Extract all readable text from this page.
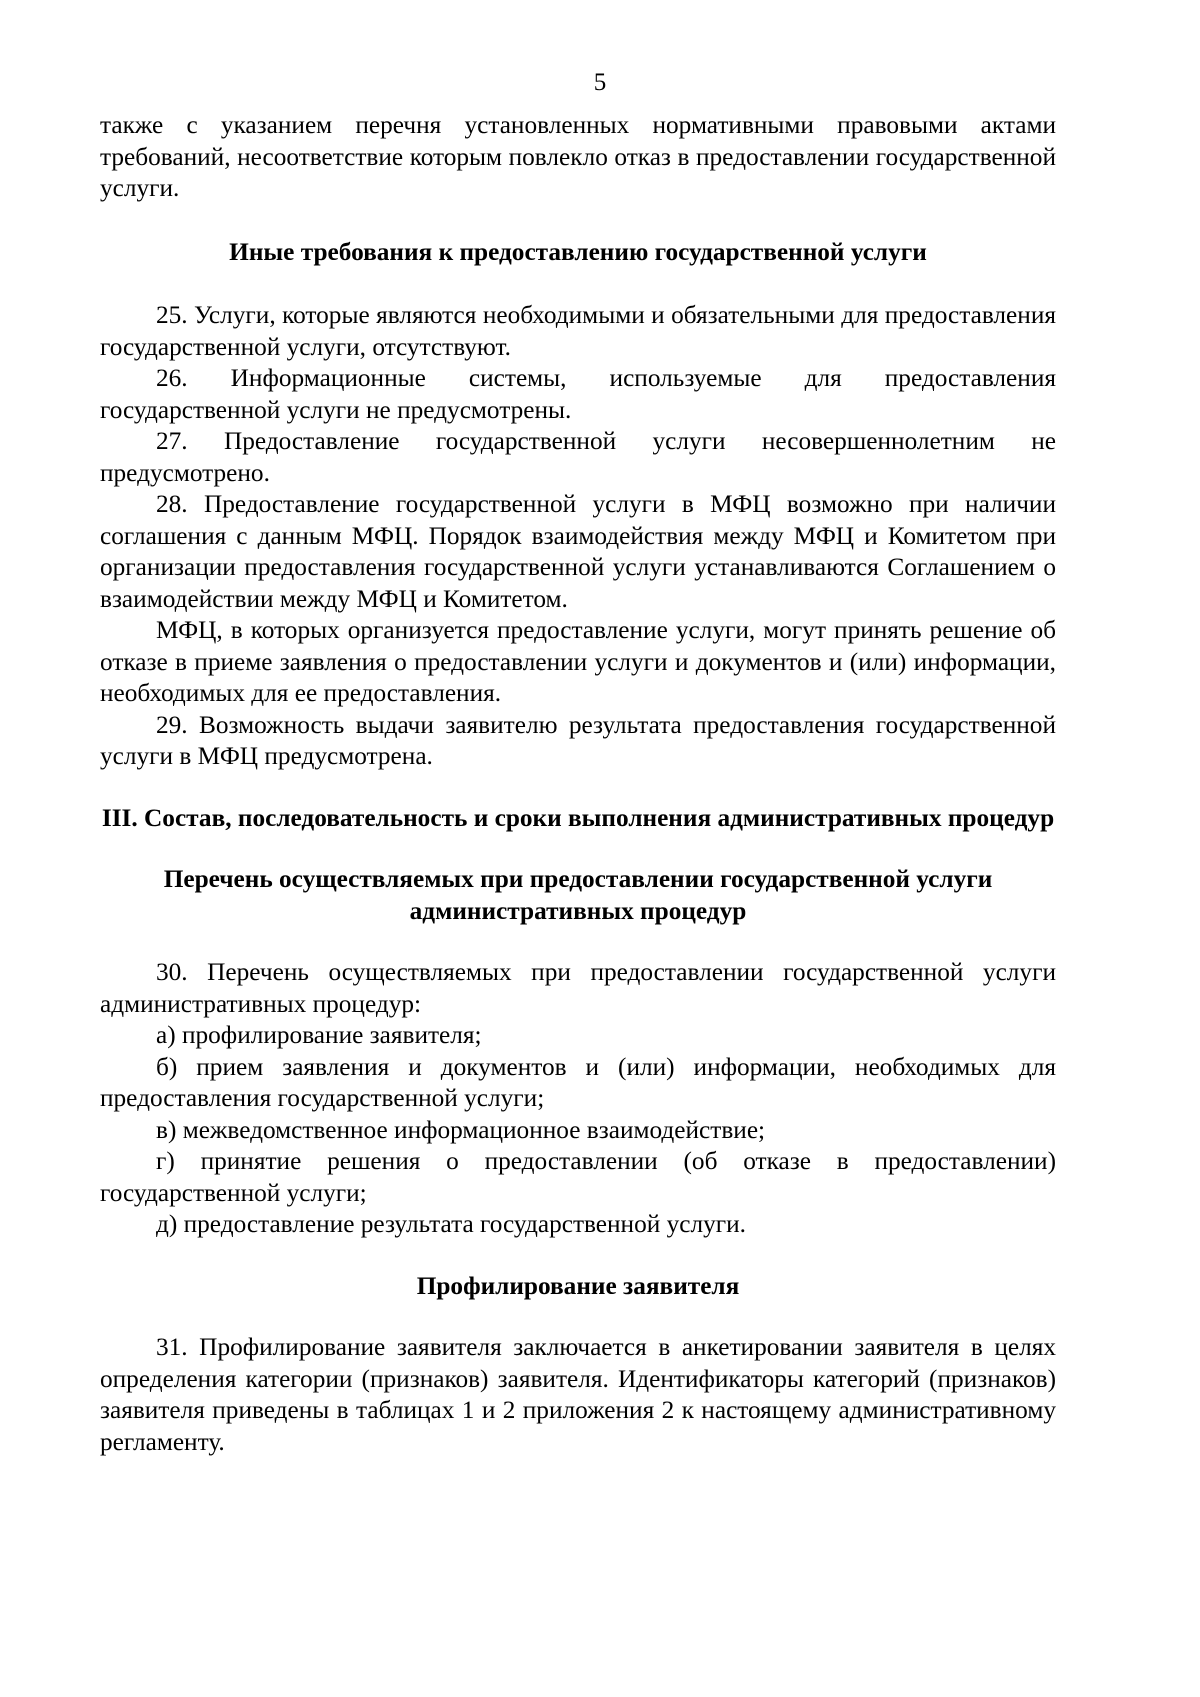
5

также с указанием перечня установленных нормативными правовыми актами требований, несоответствие которым повлекло отказ в предоставлении государственной услуги.

Иные требования к предоставлению государственной услуги

25. Услуги, которые являются необходимыми и обязательными для предоставления государственной услуги, отсутствуют.

26. Информационные системы, используемые для предоставления государственной услуги не предусмотрены.

27. Предоставление государственной услуги несовершеннолетним не предусмотрено.

28. Предоставление государственной услуги в МФЦ возможно при наличии соглашения с данным МФЦ. Порядок взаимодействия между МФЦ и Комитетом при организации предоставления государственной услуги устанавливаются Соглашением о взаимодействии между МФЦ и Комитетом.

МФЦ, в которых организуется предоставление услуги, могут принять решение об отказе в приеме заявления о предоставлении услуги и документов и (или) информации, необходимых для ее предоставления.

29. Возможность выдачи заявителю результата предоставления государственной услуги в МФЦ предусмотрена.

III. Состав, последовательность и сроки выполнения административных процедур
Перечень осуществляемых при предоставлении государственной услуги
административных процедур

30. Перечень осуществляемых при предоставлении государственной услуги административных процедур:

а) профилирование заявителя;

б) прием заявления и документов и (или) информации, необходимых для предоставления государственной услуги;

в) межведомственное информационное взаимодействие;

г) принятие решения о предоставлении (об отказе в предоставлении) государственной услуги;

д) предоставление результата государственной услуги.

Профилирование заявителя

31. Профилирование заявителя заключается в анкетировании заявителя в целях определения категории (признаков) заявителя. Идентификаторы категорий (признаков) заявителя приведены в таблицах 1 и 2 приложения 2 к настоящему административному регламенту.
